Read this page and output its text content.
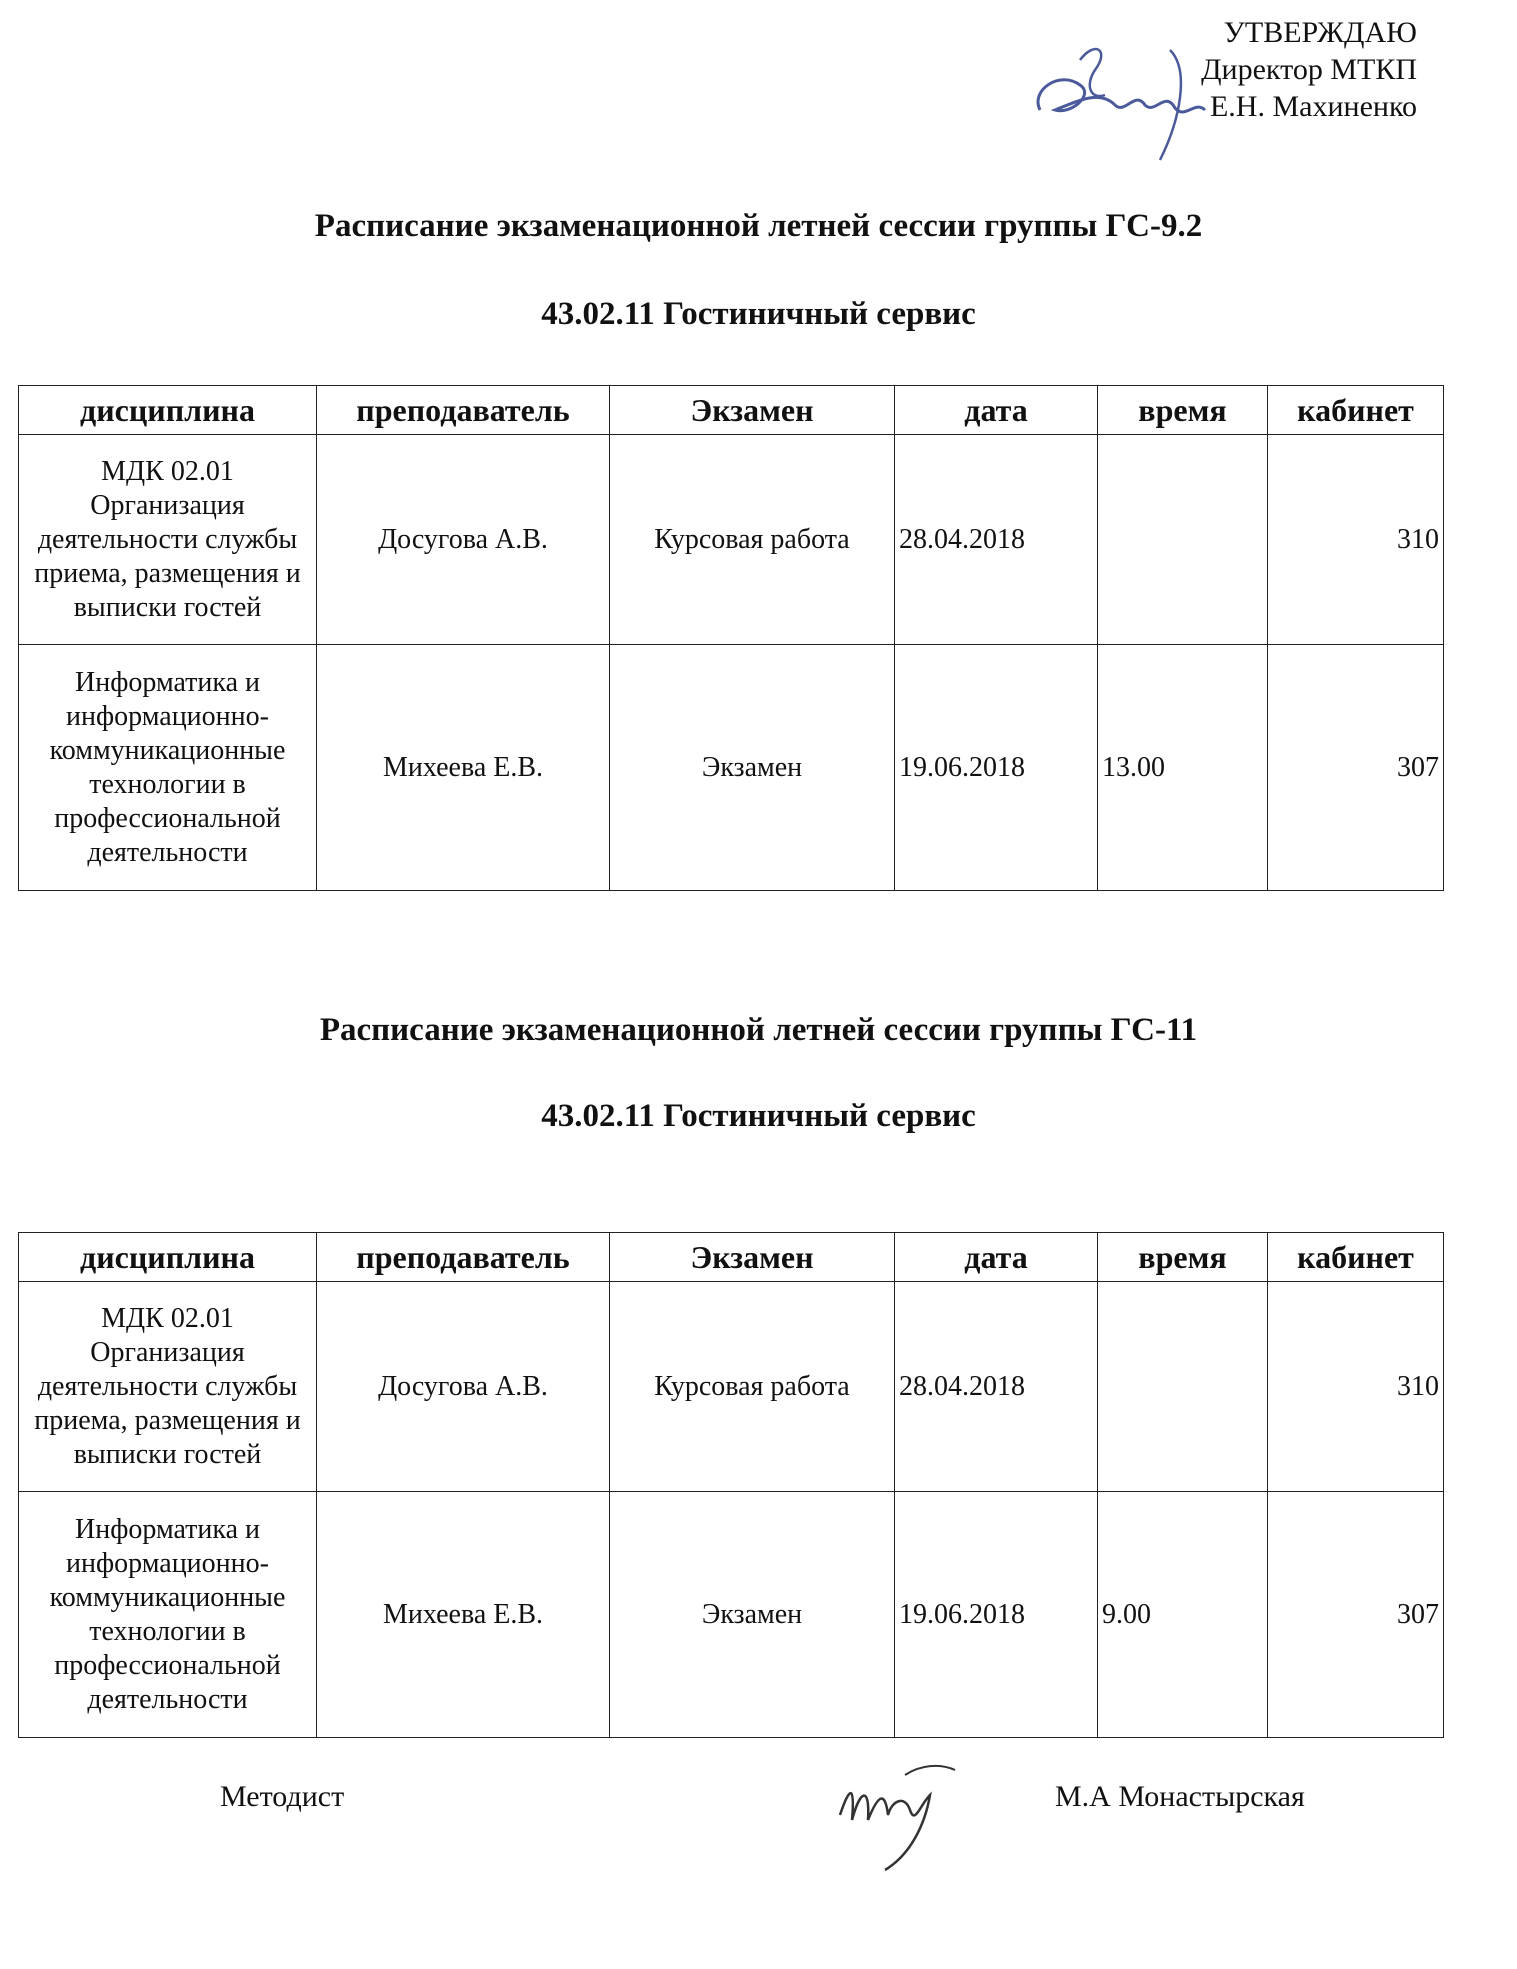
УТВЕРЖДАЮ
Директор МТКП
Е.Н. Махиненко
Расписание экзаменационной летней сессии группы ГС-9.2
43.02.11 Гостиничный сервис
дисциплина	преподаватель	Экзамен	дата	время	кабинет
МДК 02.01 Организация деятельности службы приема, размещения и выписки гостей	Досугова А.В.	Курсовая работа	28.04.2018		310
Информатика и информационно-коммуникационные технологии в профессиональной деятельности	Михеева Е.В.	Экзамен	19.06.2018	13.00	307
Расписание экзаменационной летней сессии группы ГС-11
43.02.11 Гостиничный сервис
дисциплина	преподаватель	Экзамен	дата	время	кабинет
МДК 02.01 Организация деятельности службы приема, размещения и выписки гостей	Досугова А.В.	Курсовая работа	28.04.2018		310
Информатика и информационно-коммуникационные технологии в профессиональной деятельности	Михеева Е.В.	Экзамен	19.06.2018	9.00	307
Методист	М.А Монастырская
